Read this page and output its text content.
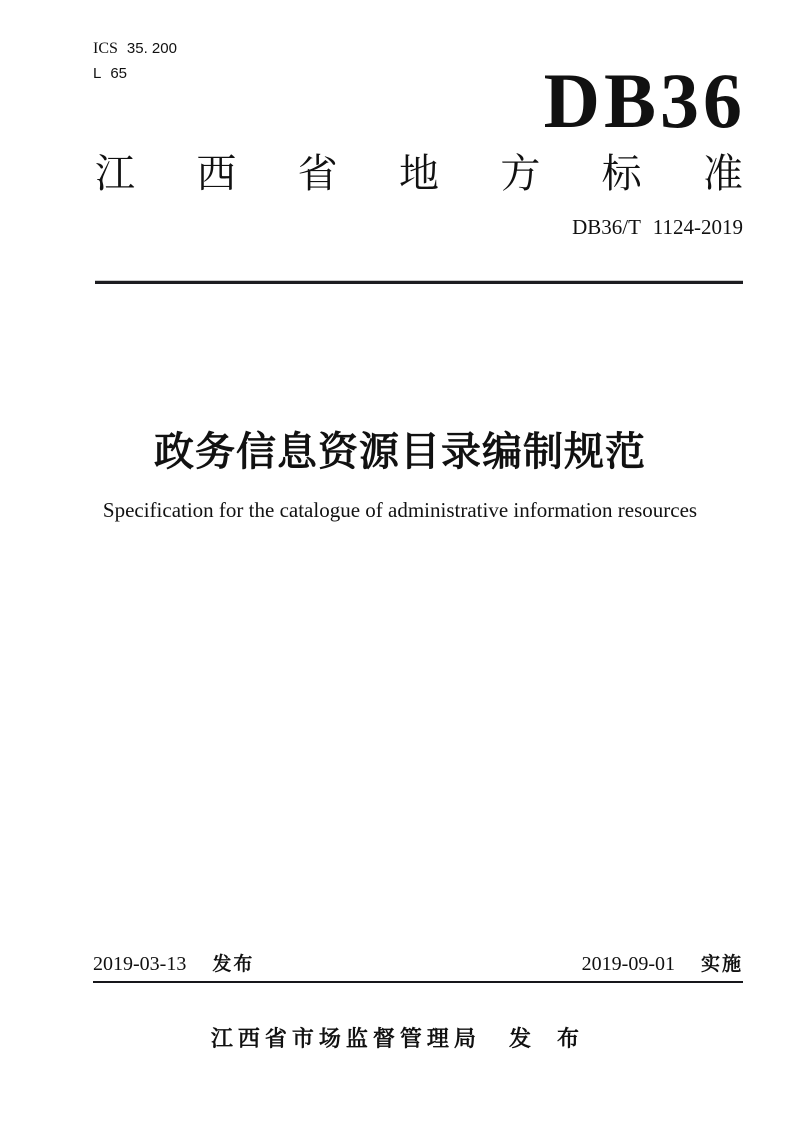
ICS 35. 200
L 65	DB36
江 西 省 地 方 标 准
DB36/T 1124-2019
政务信息资源目录编制规范
Specification for the catalogue of administrative information resources
2019-03-13 发布	2019-09-01 实施
江西省市场监督管理局 发 布
